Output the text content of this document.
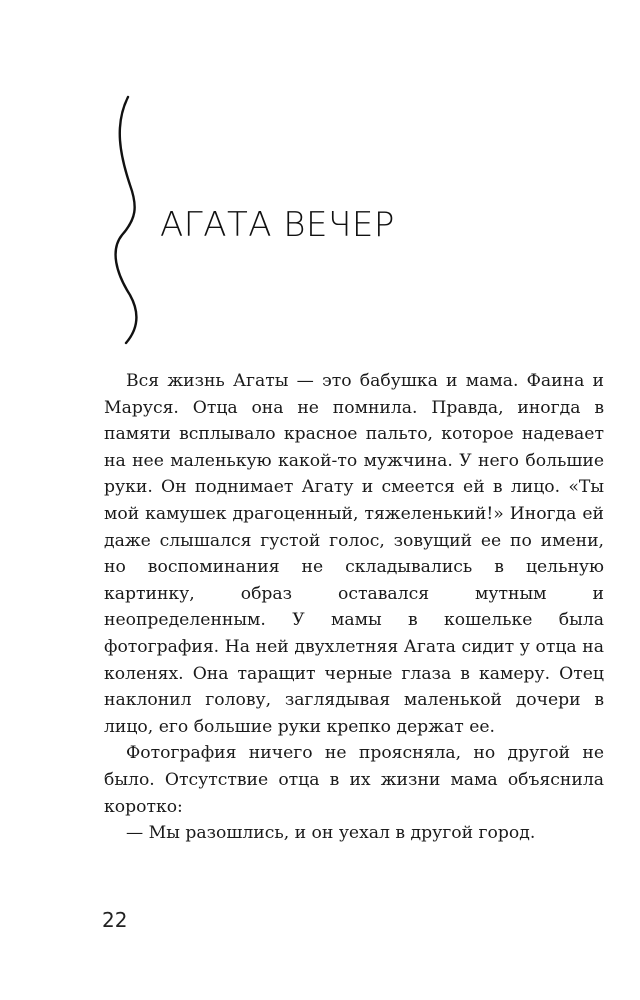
АГАТА ВЕЧЕР

Вся жизнь Агаты — это бабушка и мама. Фаина и Маруся. Отца она не помнила. Правда, иногда в памяти всплывало красное пальто, которое надевает на нее маленькую какой-то мужчина. У него большие руки. Он поднимает Агату и смеется ей в лицо. «Ты мой камушек драгоценный, тяжеленький!» Иногда ей даже слышался густой голос, зовущий ее по имени, но воспоминания не складывались в цельную картинку, образ оставался мутным и неопределенным. У мамы в кошельке была фотография. На ней двухлетняя Агата сидит у отца на коленях. Она таращит черные глаза в камеру. Отец наклонил голову, заглядывая маленькой дочери в лицо, его большие руки крепко держат ее.

Фотография ничего не проясняла, но другой не было. Отсутствие отца в их жизни мама объяснила коротко:

— Мы разошлись, и он уехал в другой город.

22
